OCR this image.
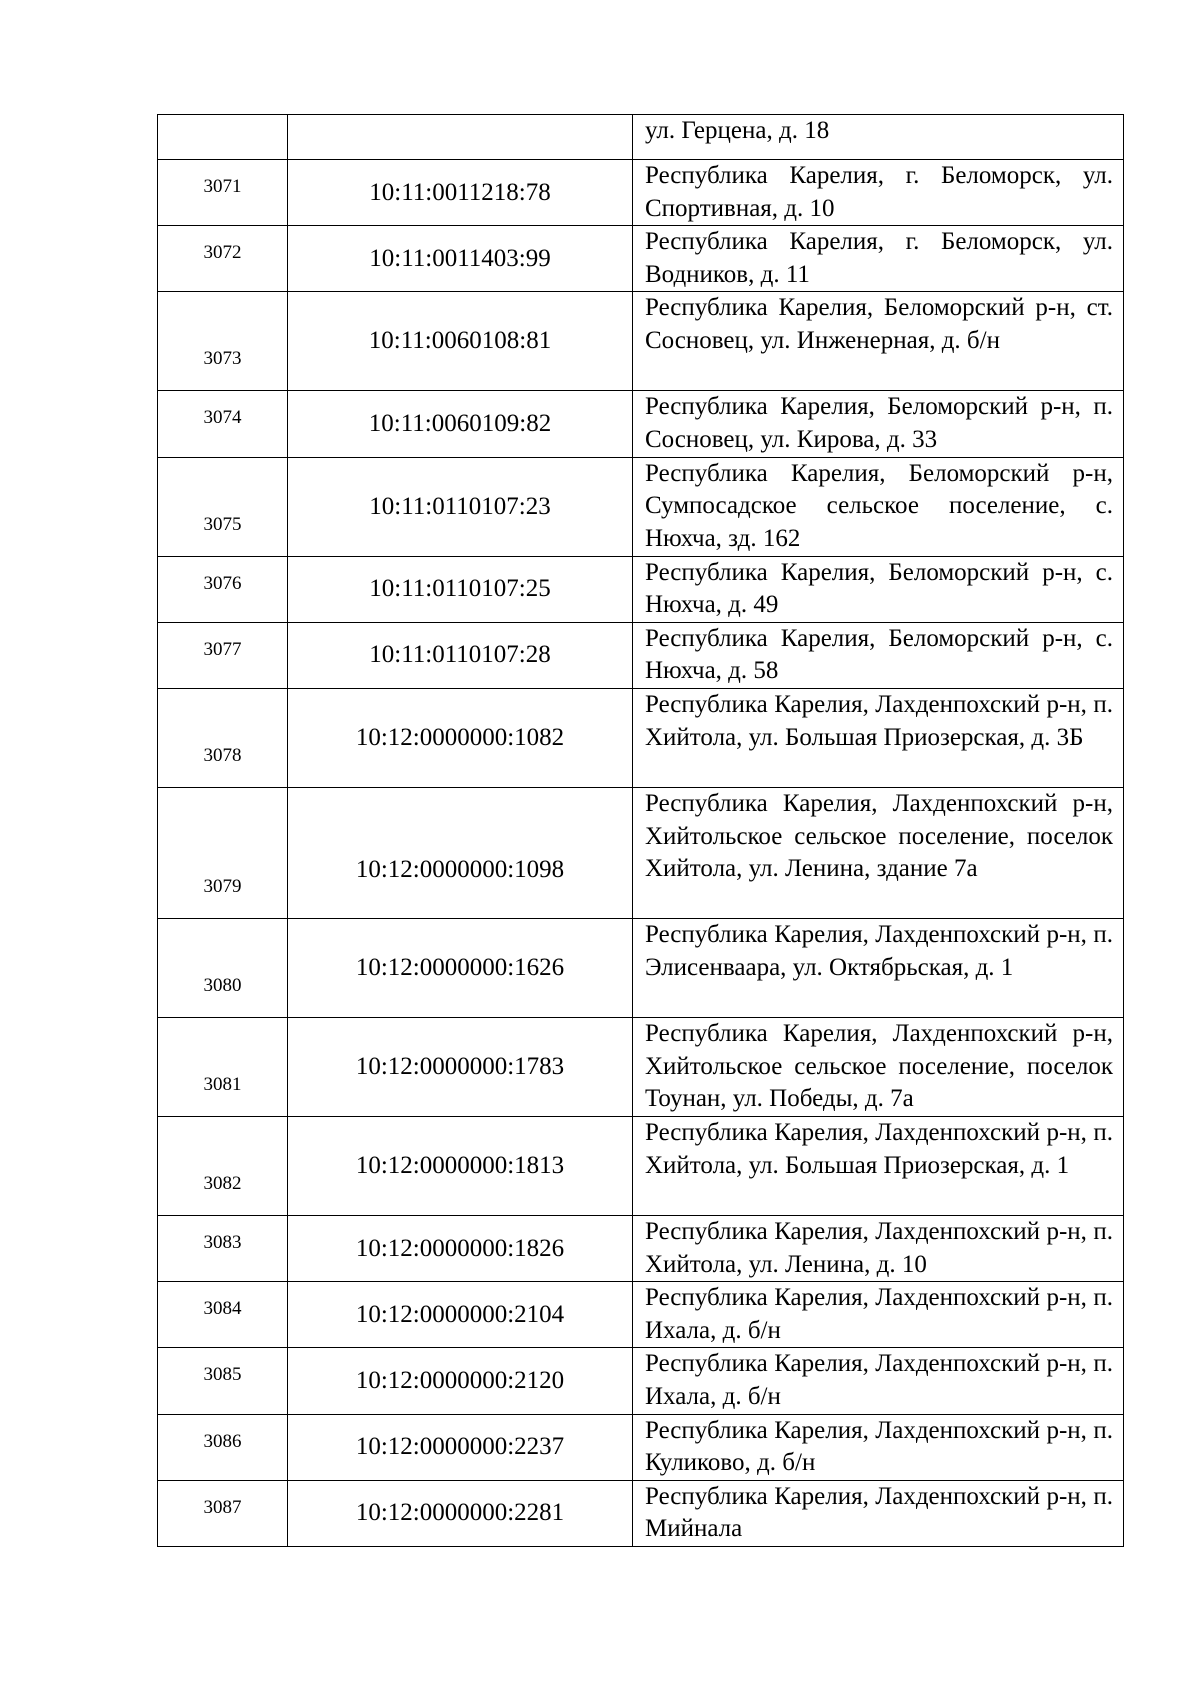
		ул. Герцена, д. 18

3071	10:11:0011218:78	Республика Карелия, г. Беломорск, ул. Спортивная, д. 10

3072	10:11:0011403:99	Республика Карелия, г. Беломорск, ул. Водников, д. 11

3073	10:11:0060108:81	Республика Карелия, Беломорский р-н, ст. Сосновец, ул. Инженерная, д. б/н

3074	10:11:0060109:82	Республика Карелия, Беломорский р-н, п. Сосновец, ул. Кирова, д. 33

3075	10:11:0110107:23	Республика Карелия, Беломорский р-н, Сумпосадское сельское поселение, с. Нюхча, зд. 162

3076	10:11:0110107:25	Республика Карелия, Беломорский р-н, с. Нюхча, д. 49

3077	10:11:0110107:28	Республика Карелия, Беломорский р-н, с. Нюхча, д. 58

3078	10:12:0000000:1082	Республика Карелия, Лахденпохский р-н, п. Хийтола, ул. Большая Приозерская, д. 3Б

3079	10:12:0000000:1098	Республика Карелия, Лахденпохский р-н, Хийтольское сельское поселение, поселок Хийтола, ул. Ленина, здание 7а

3080	10:12:0000000:1626	Республика Карелия, Лахденпохский р-н, п. Элисенваара, ул. Октябрьская, д. 1

3081	10:12:0000000:1783	Республика Карелия, Лахденпохский р-н, Хийтольское сельское поселение, поселок Тоунан, ул. Победы, д. 7а

3082	10:12:0000000:1813	Республика Карелия, Лахденпохский р-н, п. Хийтола, ул. Большая Приозерская, д. 1

3083	10:12:0000000:1826	Республика Карелия, Лахденпохский р-н, п. Хийтола, ул. Ленина, д. 10

3084	10:12:0000000:2104	Республика Карелия, Лахденпохский р-н, п. Ихала, д. б/н

3085	10:12:0000000:2120	Республика Карелия, Лахденпохский р-н, п. Ихала, д. б/н

3086	10:12:0000000:2237	Республика Карелия, Лахденпохский р-н, п. Куликово, д. б/н

3087	10:12:0000000:2281	Республика Карелия, Лахденпохский р-н, п. Мийнала
